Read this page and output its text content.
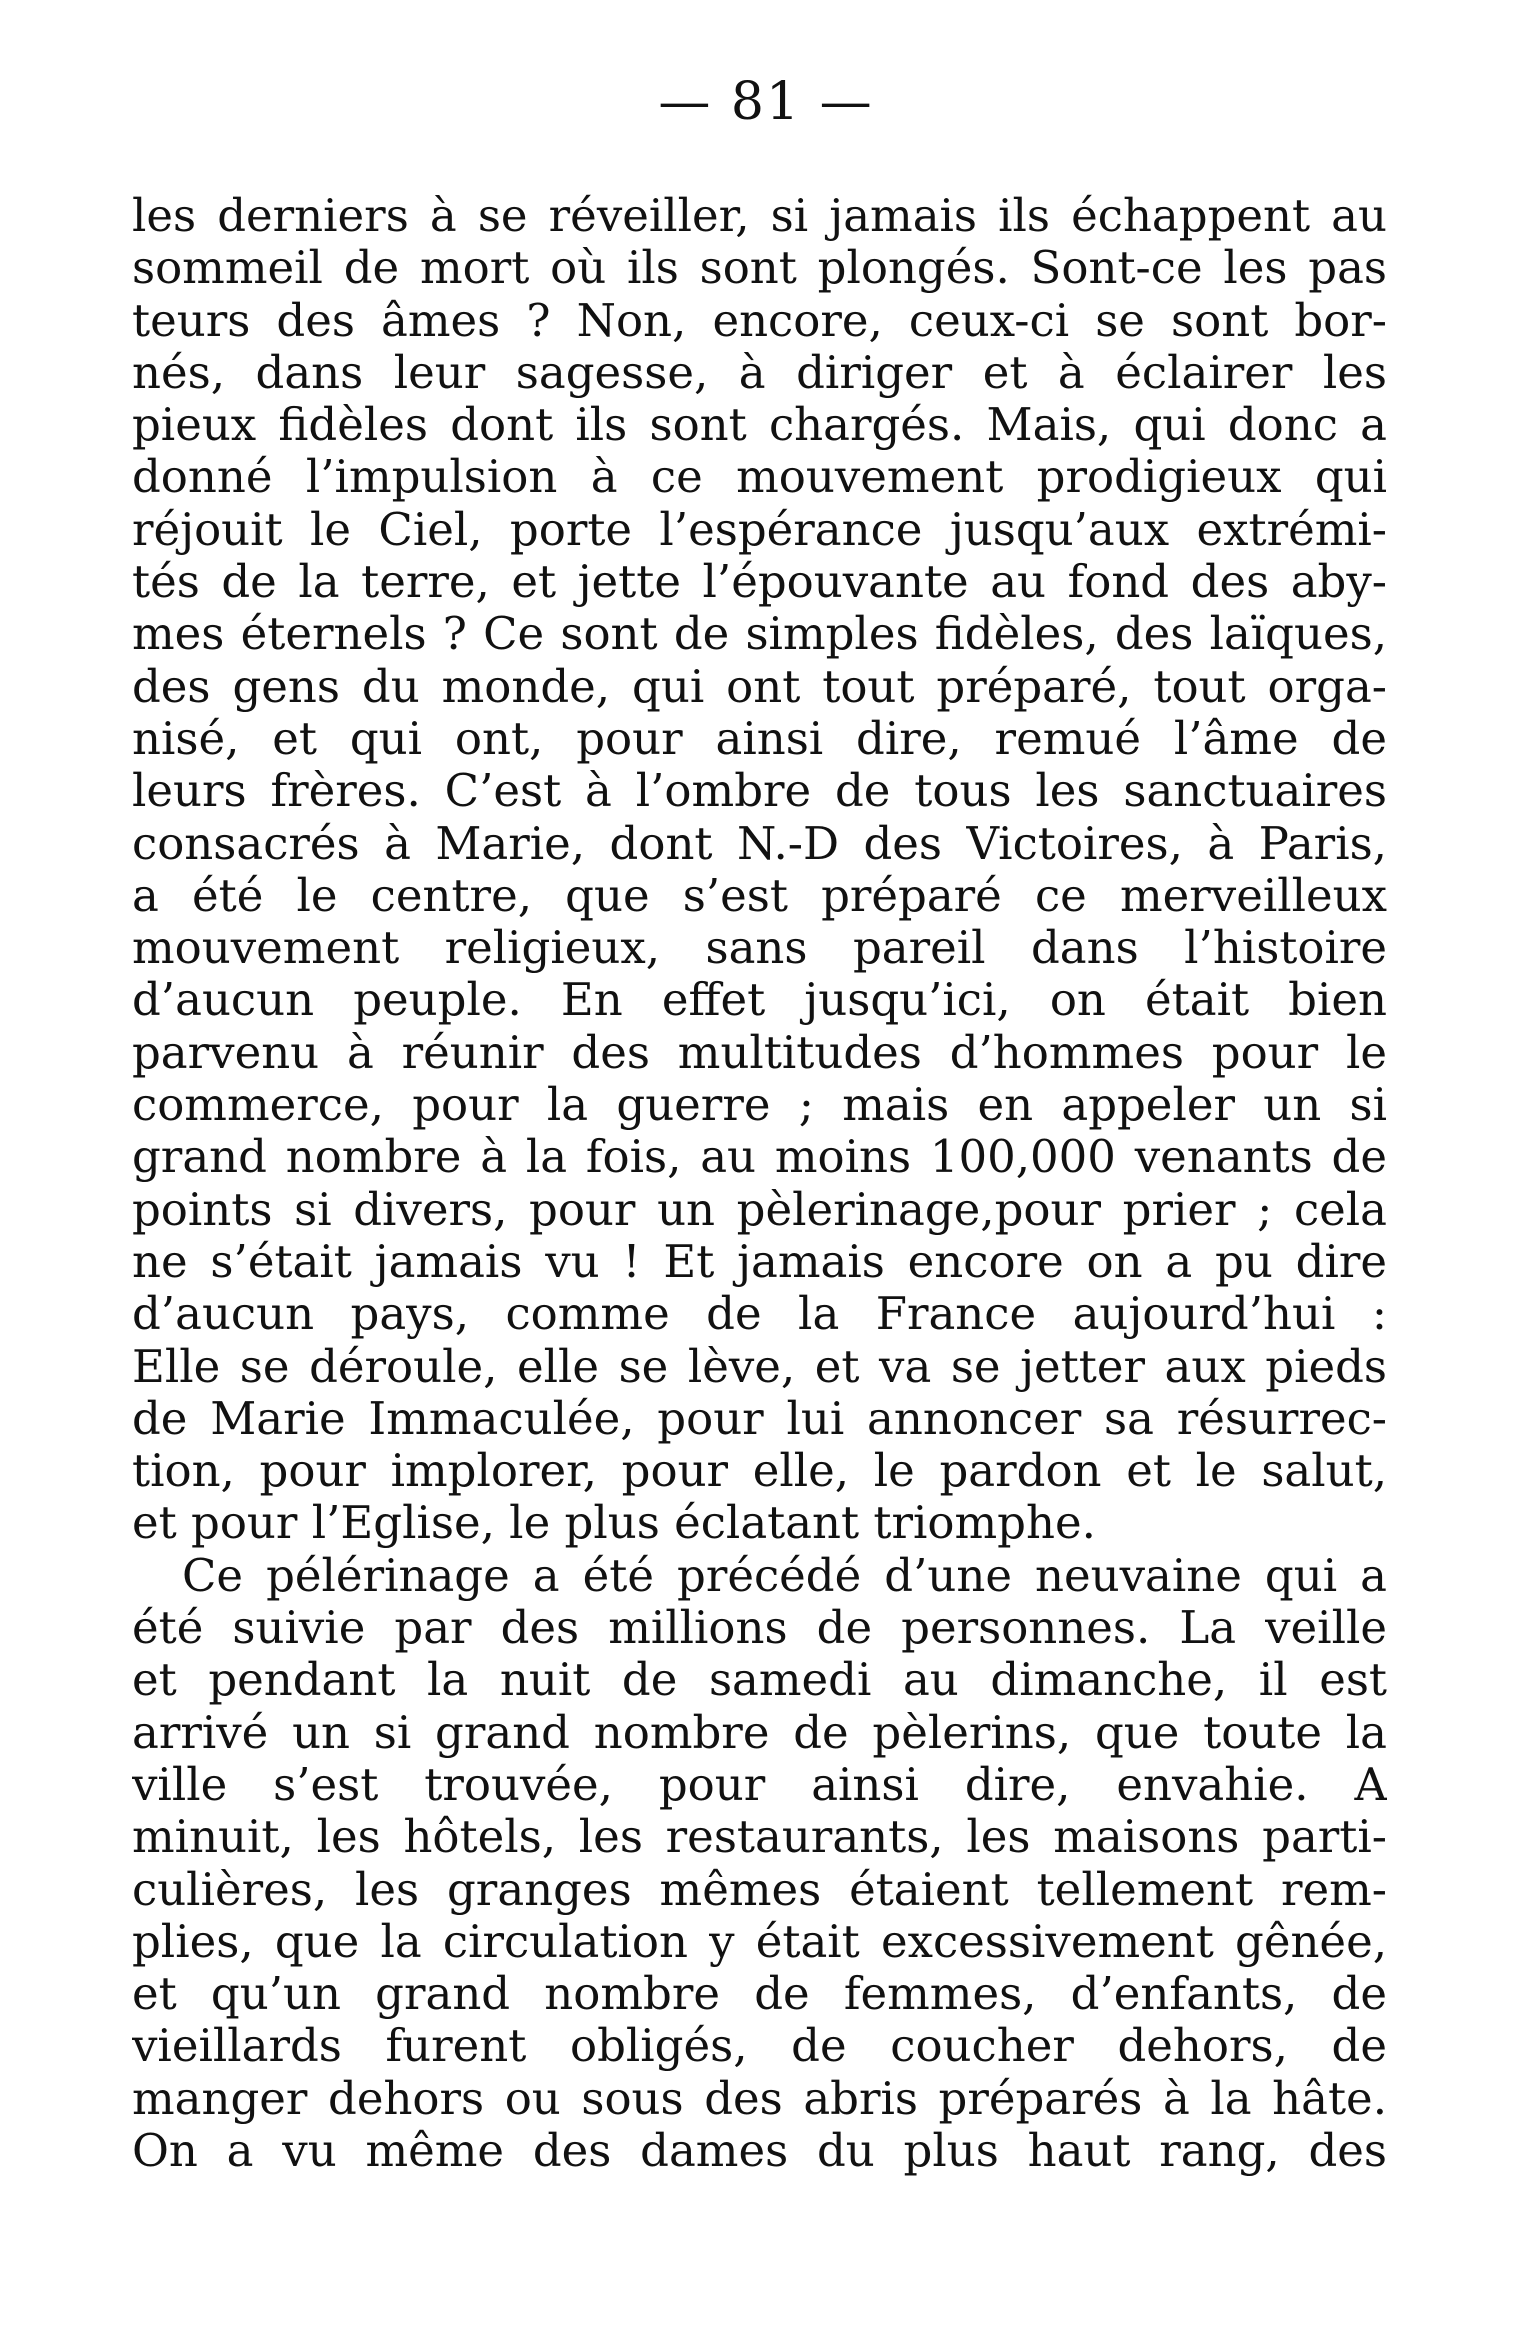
— 81 —
les derniers à se réveiller, si jamais ils échappent au
sommeil de mort où ils sont plongés. Sont-ce les pas
teurs des âmes ? Non, encore, ceux-ci se sont bor-
nés, dans leur sagesse, à diriger et à éclairer les
pieux fidèles dont ils sont chargés. Mais, qui donc a
donné l’impulsion à ce mouvement prodigieux qui
réjouit le Ciel, porte l’espérance jusqu’aux extrémi-
tés de la terre, et jette l’épouvante au fond des aby-
mes éternels ? Ce sont de simples fidèles, des laïques,
des gens du monde, qui ont tout préparé, tout orga-
nisé, et qui ont, pour ainsi dire, remué l’âme de
leurs frères. C’est à l’ombre de tous les sanctuaires
consacrés à Marie, dont N.-D des Victoires, à Paris,
a été le centre, que s’est préparé ce merveilleux
mouvement religieux, sans pareil dans l’histoire
d’aucun peuple. En effet jusqu’ici, on était bien
parvenu à réunir des multitudes d’hommes pour le
commerce, pour la guerre ; mais en appeler un si
grand nombre à la fois, au moins 100,000 venants de
points si divers, pour un pèlerinage,pour prier ; cela
ne s’était jamais vu ! Et jamais encore on a pu dire
d’aucun pays, comme de la France aujourd’hui :
Elle se déroule, elle se lève, et va se jetter aux pieds
de Marie Immaculée, pour lui annoncer sa résurrec-
tion, pour implorer, pour elle, le pardon et le salut,
et pour l’Eglise, le plus éclatant triomphe.
Ce pélérinage a été précédé d’une neuvaine qui a
été suivie par des millions de personnes. La veille
et pendant la nuit de samedi au dimanche, il est
arrivé un si grand nombre de pèlerins, que toute la
ville s’est trouvée, pour ainsi dire, envahie. A
minuit, les hôtels, les restaurants, les maisons parti-
culières, les granges mêmes étaient tellement rem-
plies, que la circulation y était excessivement gênée,
et qu’un grand nombre de femmes, d’enfants, de
vieillards furent obligés, de coucher dehors, de
manger dehors ou sous des abris préparés à la hâte.
On a vu même des dames du plus haut rang, des
